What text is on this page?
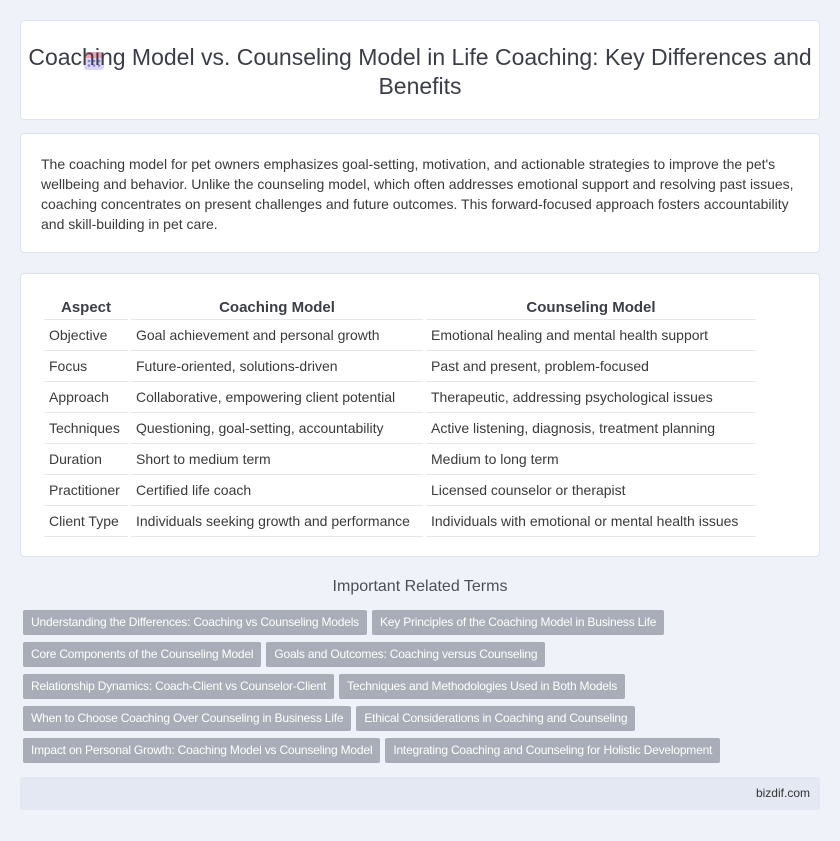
Coaching Model vs. Counseling Model in Life Coaching: Key Differences and Benefits

The coaching model for pet owners emphasizes goal-setting, motivation, and actionable strategies to improve the pet's wellbeing and behavior. Unlike the counseling model, which often addresses emotional support and resolving past issues, coaching concentrates on present challenges and future outcomes. This forward-focused approach fosters accountability and skill-building in pet care.

Aspect	Coaching Model	Counseling Model
Objective	Goal achievement and personal growth	Emotional healing and mental health support
Focus	Future-oriented, solutions-driven	Past and present, problem-focused
Approach	Collaborative, empowering client potential	Therapeutic, addressing psychological issues
Techniques	Questioning, goal-setting, accountability	Active listening, diagnosis, treatment planning
Duration	Short to medium term	Medium to long term
Practitioner	Certified life coach	Licensed counselor or therapist
Client Type	Individuals seeking growth and performance	Individuals with emotional or mental health issues
Important Related Terms
Understanding the Differences: Coaching vs Counseling Models Key Principles of the Coaching Model in Business Life
Core Components of the Counseling Model Goals and Outcomes: Coaching versus Counseling
Relationship Dynamics: Coach-Client vs Counselor-Client Techniques and Methodologies Used in Both Models
When to Choose Coaching Over Counseling in Business Life Ethical Considerations in Coaching and Counseling
Impact on Personal Growth: Coaching Model vs Counseling Model Integrating Coaching and Counseling for Holistic Development
bizdif.com
